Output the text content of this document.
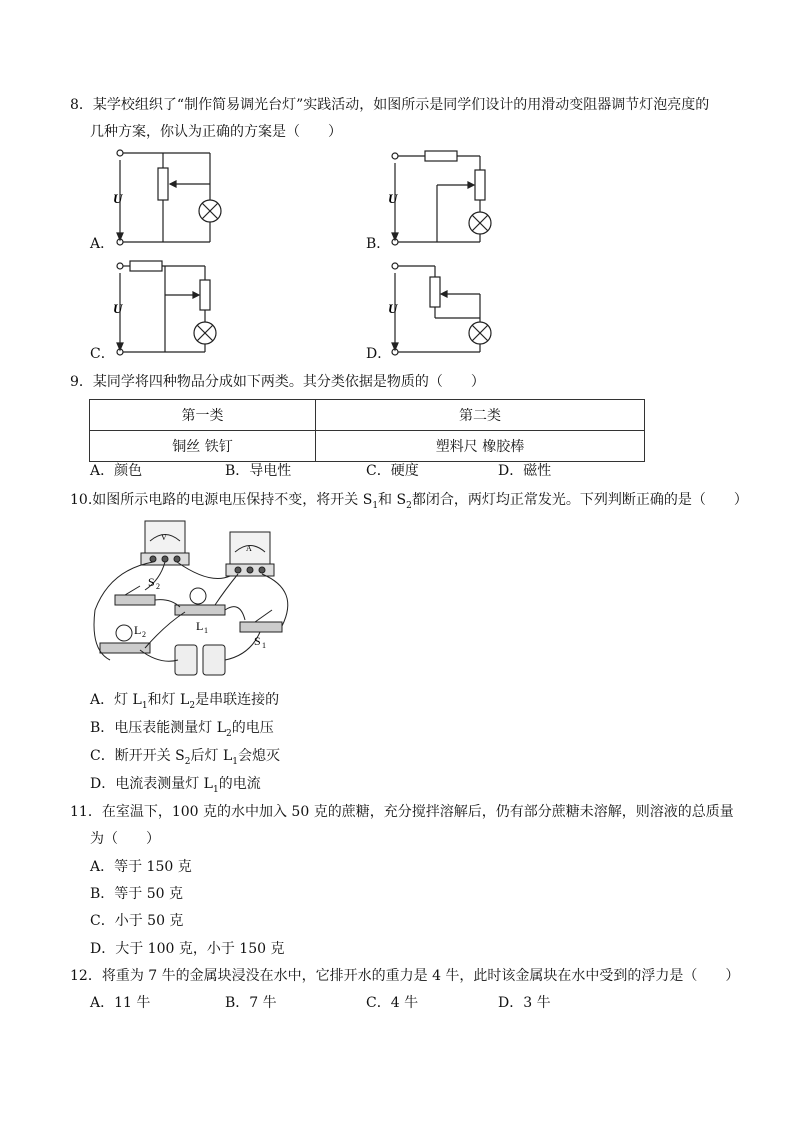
8．某学校组织了“制作简易调光台灯”实践活动，如图所示是同学们设计的用滑动变阻器调节灯泡亮度的
几种方案，你认为正确的方案是（　　）
U
A．
U
B．
U
C．
U
D．
9．某同学将四种物品分成如下两类。其分类依据是物质的（　　）
第一类	第二类
铜丝 铁钉	塑料尺 橡胶棒
A．颜色	B．导电性	C．硬度	D．磁性
10.如图所示电路的电源电压保持不变，将开关 $S_1$和 $S_2$都闭合，两灯均正常发光。下列判断正确的是（　　）
S 2
L 1
L 2	S 1
V
A
A．灯 $L_1$和灯 $L_2$是串联连接的
B．电压表能测量灯 $L_2$的电压
C．断开开关 $S_2$后灯 $L_1$会熄灭
D．电流表测量灯 $L_1$的电流
11．在室温下，100 克的水中加入 50 克的蔗糖，充分搅拌溶解后，仍有部分蔗糖未溶解，则溶液的总质量
为（　　）
A．等于 150 克
B．等于 50 克
C．小于 50 克
D．大于 100 克，小于 150 克
12．将重为 7 牛的金属块浸没在水中，它排开水的重力是 4 牛，此时该金属块在水中受到的浮力是（　　）
A．11 牛	B．7 牛	C．4 牛	D．3 牛
